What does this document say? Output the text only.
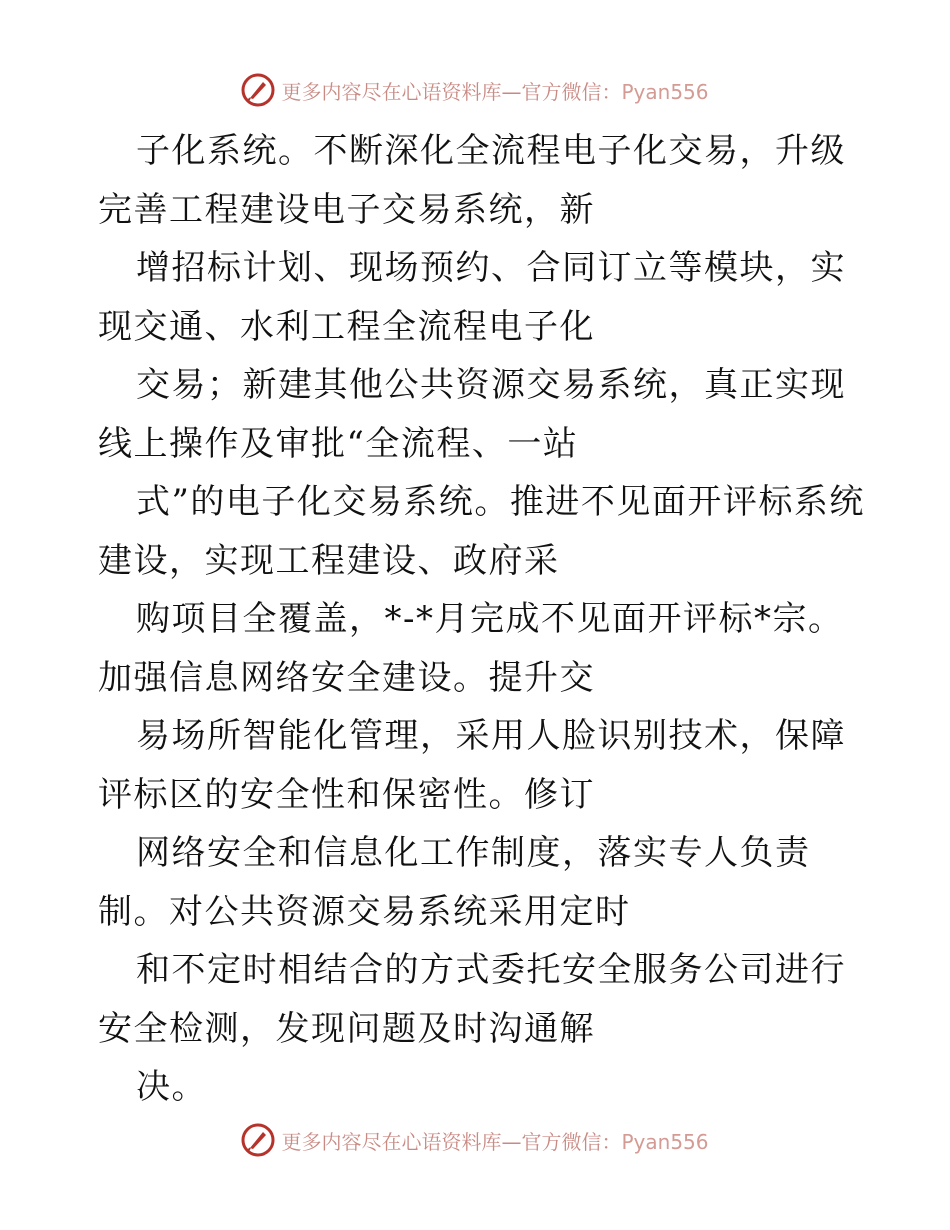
更多内容尽在心语资料库—官方微信：Pyan556

子化系统。不断深化全流程电子化交易，升级完善工程建设电子交易系统，新

增招标计划、现场预约、合同订立等模块，实现交通、水利工程全流程电子化

交易；新建其他公共资源交易系统，真正实现线上操作及审批“全流程、一站

式”的电子化交易系统。推进不见面开评标系统建设，实现工程建设、政府采

购项目全覆盖，*-*月完成不见面开评标*宗。加强信息网络安全建设。提升交

易场所智能化管理，采用人脸识别技术，保障评标区的安全性和保密性。修订

网络安全和信息化工作制度，落实专人负责制。对公共资源交易系统采用定时

和不定时相结合的方式委托安全服务公司进行安全检测，发现问题及时沟通解

决。

更多内容尽在心语资料库—官方微信：Pyan556
